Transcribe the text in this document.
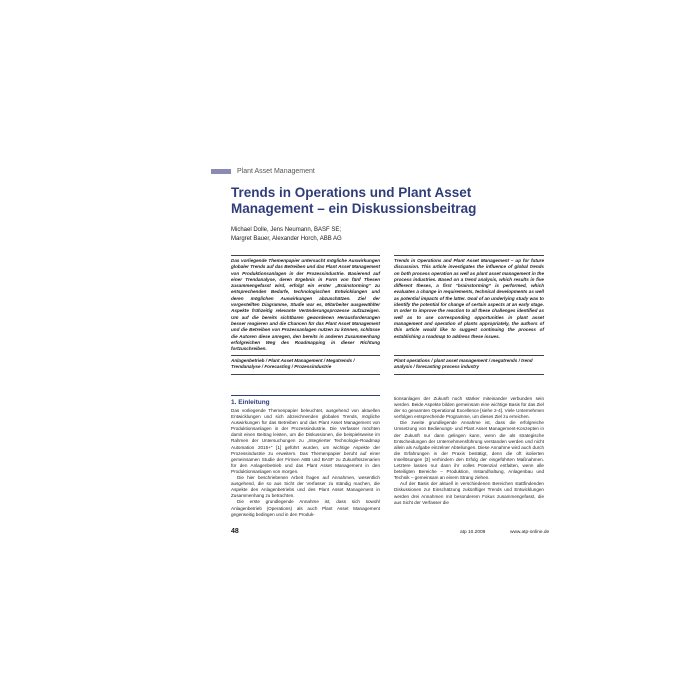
Plant Asset Management
Trends in Operations und Plant Asset
Management – ein Diskussionsbeitrag
Michael Dolle, Jens Neumann, BASF SE;
Margret Bauer, Alexander Horch, ABB AG
Das vorliegende Themenpapier untersucht mögliche Auswirkungen globaler Trends auf das Betreiben und das Plant Asset Management von Produktionsanlagen in der Prozessindustrie. Basierend auf einer Trendanalyse, deren Ergebnis in Form von fünf Thesen zusammengefasst wird, erfolgt ein erster „Brainstorming“ zu entsprechenden Bedarfe, technologischen Entwicklungen und deren möglichen Auswirkungen abzuschätzen. Ziel der vorgestellten Diagramme, Studie war es, Mitarbeiter ausgewählter Aspekte frühzeitig relevante Veränderungsprozesse aufzuzeigen. Um auf die bereits sichtbaren gewordenen Herausforderungen besser reagieren und die Chancen für das Plant Asset Management und die Betreiben von Prozessanlagen nutzen zu können, schlüsse die Autoren diese anregen, den bereits in anderen Zusammenhang erfolgreichen Weg des Roadmapping in dieser Richtung fortzuschreiben.
Trends in Operations and Plant Asset Management – up for future discussion. This article investigates the influence of global trends on both process operation as well as plant asset management in the process industries. Based on a trend analysis, which results in five different theses, a first “brainstorming” is performed, which evaluates a change in requirements, technical developments as well as potential impacts of the latter. Goal of an underlying study was to identify the potential for change of certain aspects at an early stage. In order to improve the reaction to all these challenges identified as well as to use corresponding opportunities in plant asset management and operation of plants appropriately, the authors of this article would like to suggest continuing the process of establishing a roadmap to address these issues.
Anlagenbetrieb / Plant Asset Management / Megatrends / Trendanalyse / Forecasting / Prozessindustrie
Plant operations / plant asset management / megatrends / trend analysis / forecasting process industry
1. Einleitung

Das vorliegende Themenpapier beleuchtet, ausgehend von aktuellen Entwicklungen und sich abzeichnenden globalen Trends, mögliche Auswirkungen für das Betreiben und das Plant Asset Management von Produktionsanlagen in der Prozessindustrie. Die Verfasser möchten damit einen Beitrag leisten, um die Diskussionen, die beispielsweise im Rahmen der Untersuchungen zu „Integrierter Technologie-Roadmap Automation 2015+“ [1] geführt wurden, um wichtige Aspekte der Prozessindustrie zu erweitern. Das Themenpapier beruht auf einer gemeinsamen Studie der Firmen ABB und BASF zu Zukunftsszenarien für den Anlagenbetrieb und das Plant Asset Management in den Produktionsanlagen von morgen.

Die hier beschriebenen Arbeit fragen auf Annahmen, wesentlich ausgehend, die so aus Sicht der Verfasser zu ständig machen, die Aspekte des Anlagenbetriebs und des Plant Asset Management in Zusammenhang zu betrachten.

Die erste grundlegende Annahme ist, dass sich sowohl Anlagenbetrieb (Operations) als auch Plant Asset Management gegenseitig bedingen und in den Produk-

tionsanlagen der Zukunft noch stärker miteinander verbunden sein werden. Beide Aspekte bilden gemeinsam eine wichtige Basis für das Ziel der so genannten Operational Excellence [siehe 2-4]. Viele Unternehmen verfolgen entsprechende Programme, um dieses Ziel zu erreichen.

Die zweite grundlegende Annahme ist, dass die erfolgreiche Umsetzung von Bedienungs- und Plant Asset Management-Konzepten in der Zukunft nur dann gelingen kann, wenn die als strategische Entscheidungen der Unternehmensführung verstanden werden und nicht allein als Aufgabe einzelner Abteilungen. Diese Annahme wird auch durch die Erfahrungen in der Praxis bestätigt, denn die oft isolierten Insellösungen [3] verhindern den Erfolg der eingeführten Maßnahmen. Letztere lassen nur dann ihr volles Potenzial entfalten, wenn alle beteiligten Bereiche – Produktion, Instandhaltung, Anlagenbau und Technik – gemeinsam an einem Strang ziehen.

Auf der Basis der aktuell in verschiedenen Bereichen stattfindenden Diskussionen zur Einschätzung zukünftiger Trends und Entwicklungen werden drei Annahmen mit besonderem Fokus zusammengefasst, die aus Sicht der Verfasser die

48	atp 10.2008	www.atp-online.de
